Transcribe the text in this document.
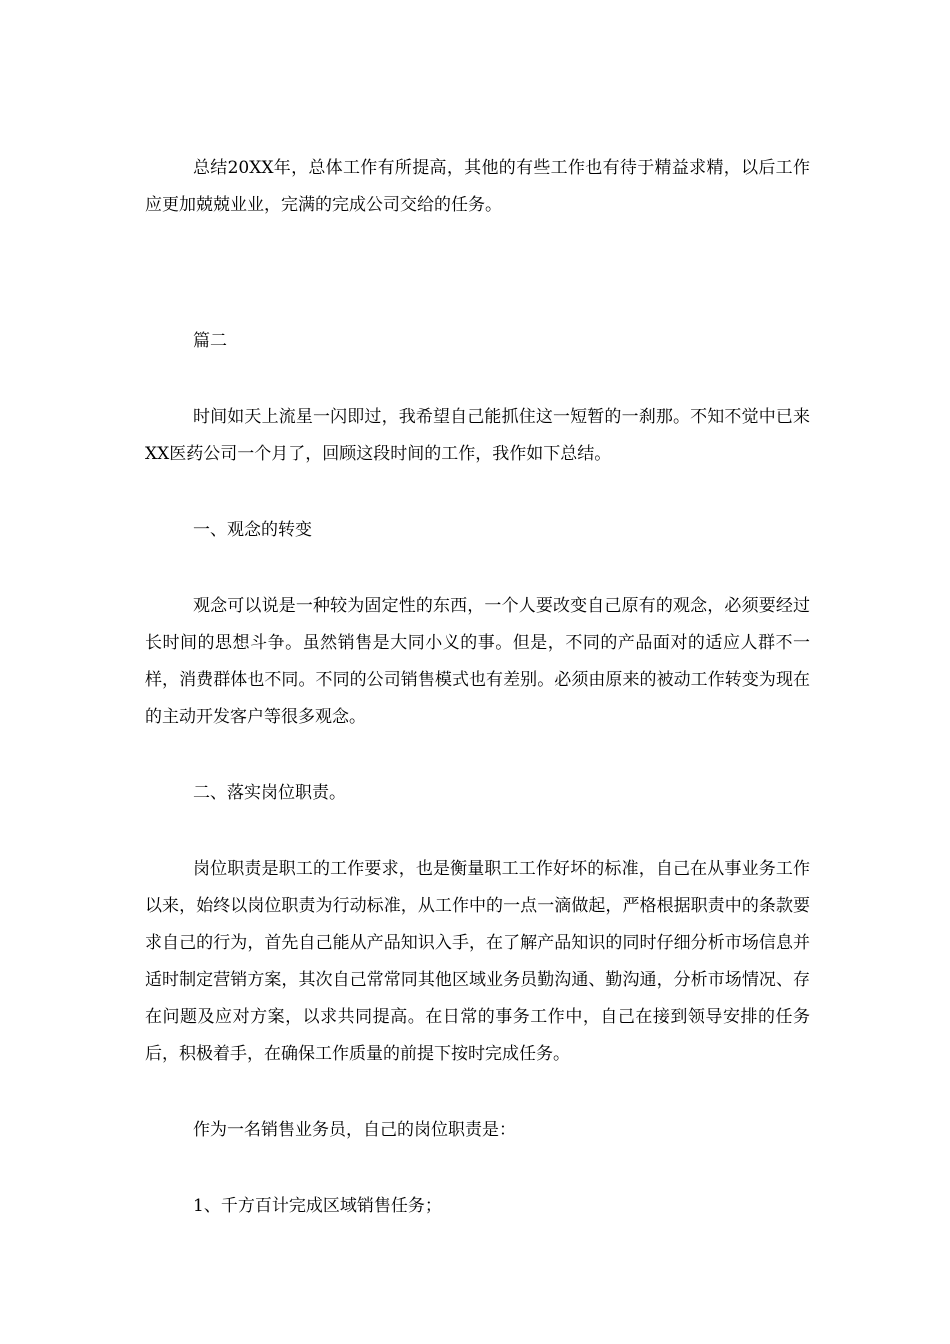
总结20XX年，总体工作有所提高，其他的有些工作也有待于精益求精，以后工作应更加兢兢业业，完满的完成公司交给的任务。

篇二

时间如天上流星一闪即过，我希望自己能抓住这一短暂的一刹那。不知不觉中已来XX医药公司一个月了，回顾这段时间的工作，我作如下总结。

一、观念的转变

观念可以说是一种较为固定性的东西，一个人要改变自己原有的观念，必须要经过长时间的思想斗争。虽然销售是大同小义的事。但是，不同的产品面对的适应人群不一样，消费群体也不同。不同的公司销售模式也有差别。必须由原来的被动工作转变为现在的主动开发客户等很多观念。

二、落实岗位职责。

岗位职责是职工的工作要求，也是衡量职工工作好坏的标准，自己在从事业务工作以来，始终以岗位职责为行动标准，从工作中的一点一滴做起，严格根据职责中的条款要求自己的行为，首先自己能从产品知识入手，在了解产品知识的同时仔细分析市场信息并适时制定营销方案，其次自己常常同其他区域业务员勤沟通、勤沟通，分析市场情况、存在问题及应对方案，以求共同提高。在日常的事务工作中，自己在接到领导安排的任务后，积极着手，在确保工作质量的前提下按时完成任务。

作为一名销售业务员，自己的岗位职责是：

1、千方百计完成区域销售任务；
